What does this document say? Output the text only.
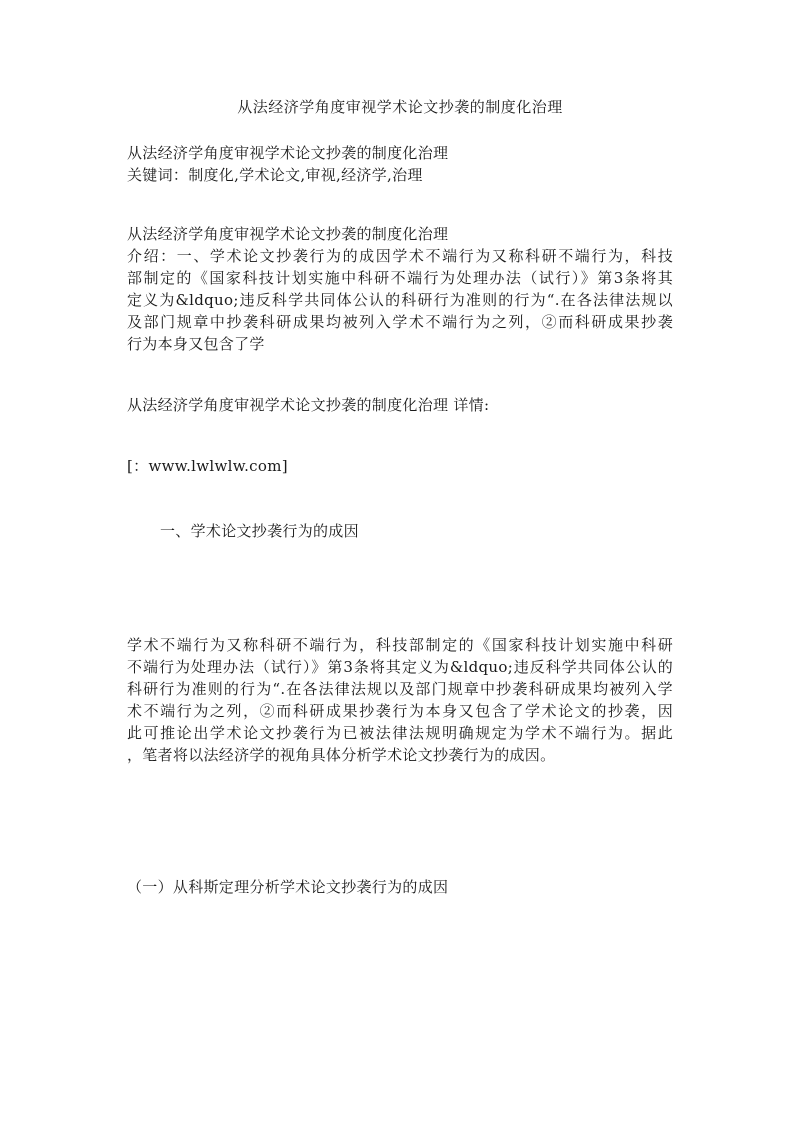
从法经济学角度审视学术论文抄袭的制度化治理
从法经济学角度审视学术论文抄袭的制度化治理
关键词：制度化,学术论文,审视,经济学,治理
从法经济学角度审视学术论文抄袭的制度化治理
介绍：一、学术论文抄袭行为的成因学术不端行为又称科研不端行为，科技
部制定的《国家科技计划实施中科研不端行为处理办法（试行）》第3条将其
定义为&ldquo;违反科学共同体公认的科研行为准则的行为“.在各法律法规以
及部门规章中抄袭科研成果均被列入学术不端行为之列，②而科研成果抄袭
行为本身又包含了学
从法经济学角度审视学术论文抄袭的制度化治理 详情:
[：www.lwlwlw.com]
一、学术论文抄袭行为的成因
学术不端行为又称科研不端行为，科技部制定的《国家科技计划实施中科研
不端行为处理办法（试行）》第3条将其定义为&ldquo;违反科学共同体公认的
科研行为准则的行为“.在各法律法规以及部门规章中抄袭科研成果均被列入学
术不端行为之列，②而科研成果抄袭行为本身又包含了学术论文的抄袭，因
此可推论出学术论文抄袭行为已被法律法规明确规定为学术不端行为。据此
，笔者将以法经济学的视角具体分析学术论文抄袭行为的成因。
（一）从科斯定理分析学术论文抄袭行为的成因
